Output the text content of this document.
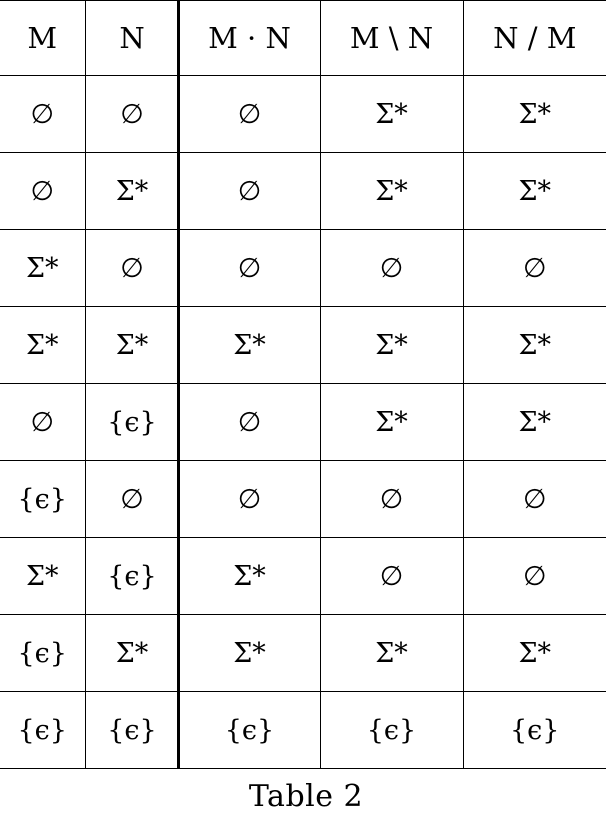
M	N	M · N	M \ N	N / M
∅	∅	∅	Σ*	Σ*
∅	Σ*	∅	Σ*	Σ*
Σ*	∅	∅	∅	∅
Σ*	Σ*	Σ*	Σ*	Σ*
∅	{ϵ}	∅	Σ*	Σ*
{ϵ}	∅	∅	∅	∅
Σ*	{ϵ}	Σ*	∅	∅
{ϵ}	Σ*	Σ*	Σ*	Σ*
{ϵ}	{ϵ}	{ϵ}	{ϵ}	{ϵ}
Table 2
